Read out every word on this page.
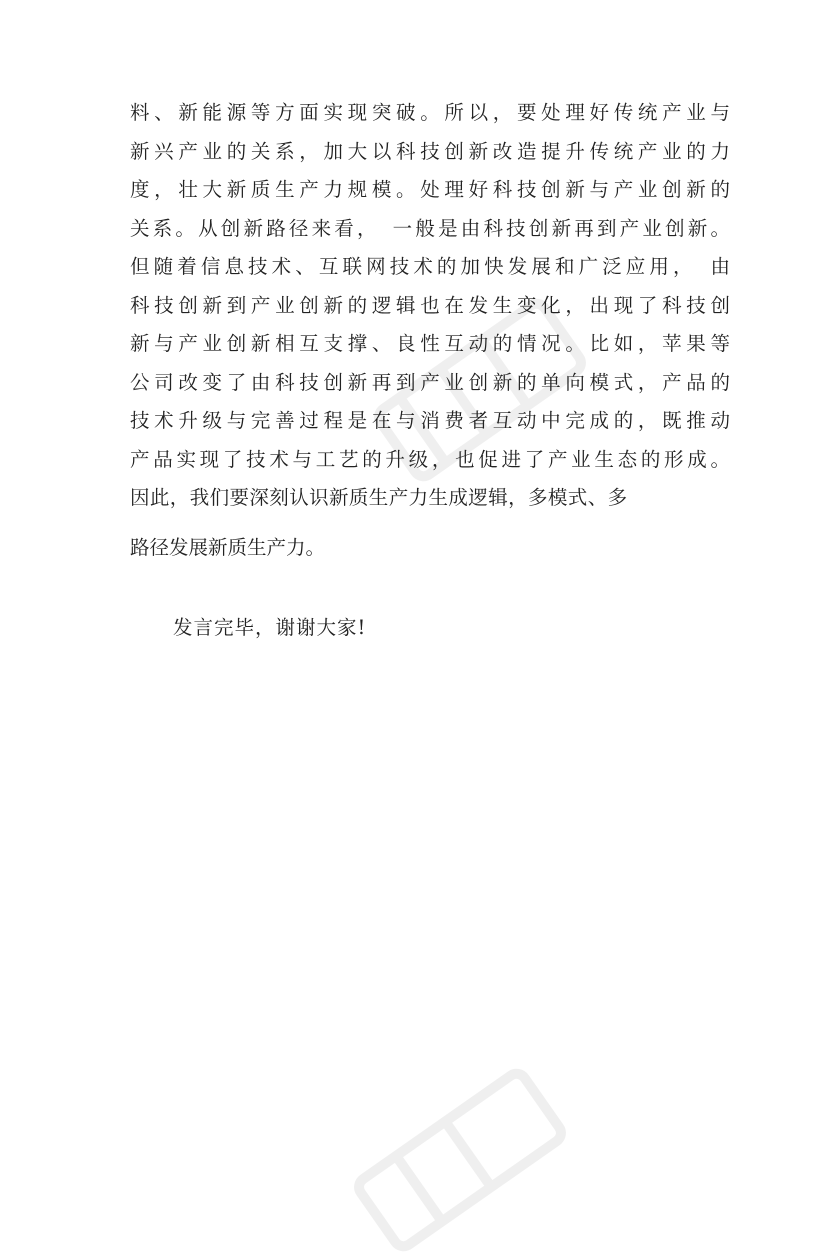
料、新能源等方面实现突破。所以，要处理好传统产业与
新兴产业的关系，加大以科技创新改造提升传统产业的力
度，壮大新质生产力规模。处理好科技创新与产业创新的
关系。从创新路径来看，　一般是由科技创新再到产业创新。
但随着信息技术、互联网技术的加快发展和广泛应用，　由
科技创新到产业创新的逻辑也在发生变化，出现了科技创
新与产业创新相互支撑、良性互动的情况。比如，苹果等
公司改变了由科技创新再到产业创新的单向模式，产品的
技术升级与完善过程是在与消费者互动中完成的，既推动
产品实现了技术与工艺的升级，也促进了产业生态的形成。
因此，我们要深刻认识新质生产力生成逻辑，多模式、多
路径发展新质生产力。
发言完毕，谢谢大家!
